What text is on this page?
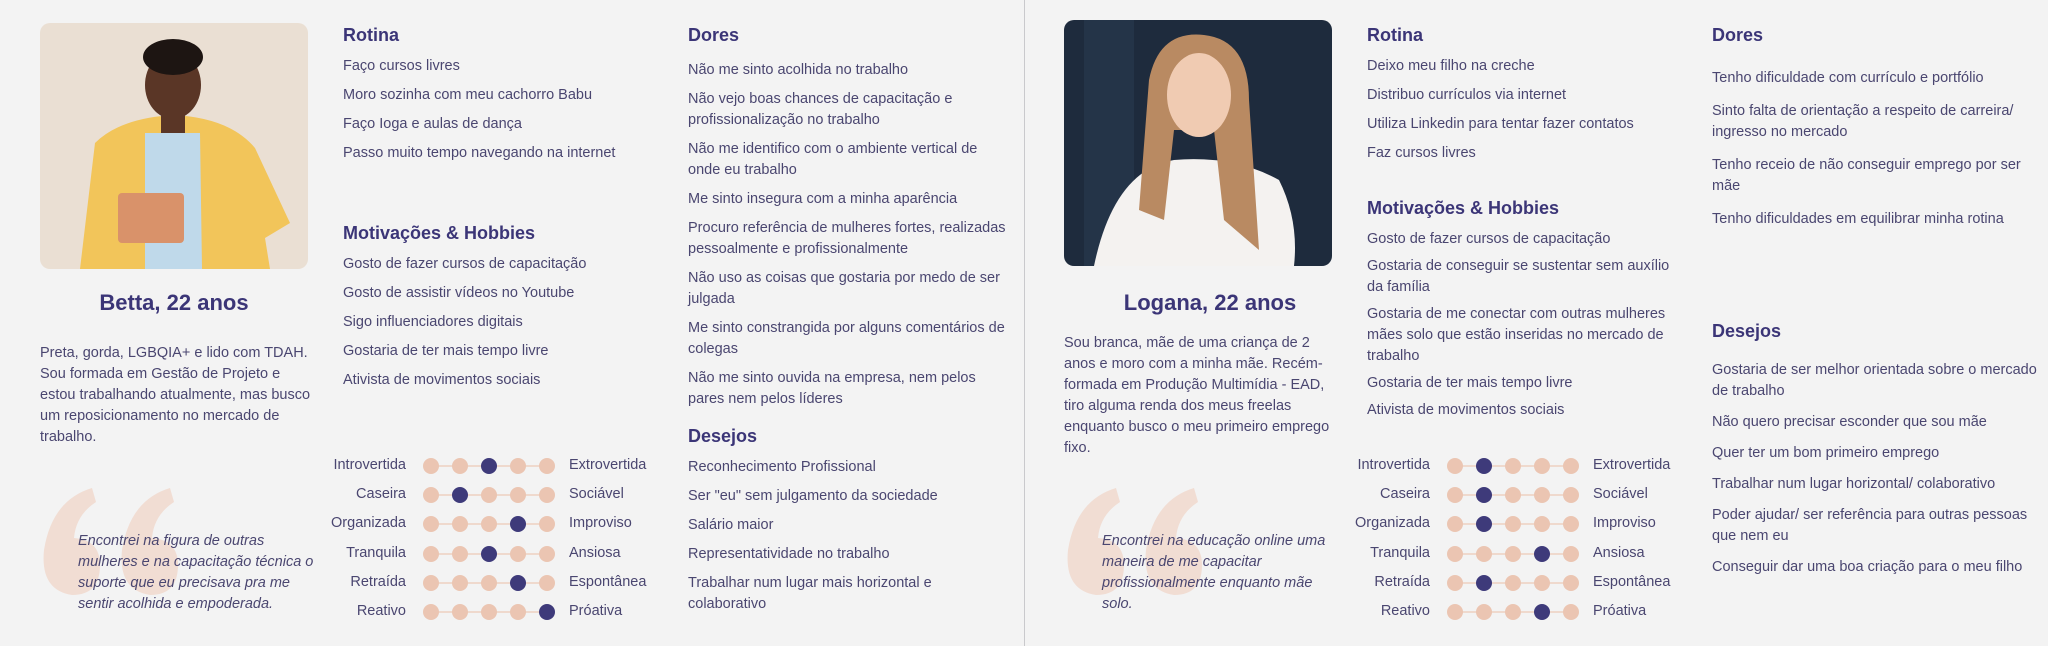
Betta, 22 anos
Preta, gorda, LGBQIA+ e lido com TDAH. Sou formada em Gestão de Projeto e estou trabalhando atualmente, mas busco um reposicionamento no mercado de trabalho.
Encontrei na figura de outras mulheres e na capacitação técnica o suporte que eu precisava pra me sentir acolhida e empoderada.
Rotina
Faço cursos livres
Moro sozinha com meu cachorro Babu
Faço Ioga e aulas de dança
Passo muito tempo navegando na internet
Motivações & Hobbies
Gosto de fazer cursos de capacitação
Gosto de assistir vídeos no Youtube
Sigo influenciadores digitais
Gostaria de ter mais tempo livre
Ativista de movimentos sociais
Dores
Não me sinto acolhida no trabalho
Não vejo boas chances de capacitação e profissionalização no trabalho
Não me identifico com o ambiente vertical de onde eu trabalho
Me sinto insegura com a minha aparência
Procuro referência de mulheres fortes, realizadas pessoalmente e profissionalmente
Não uso as coisas que gostaria por medo de ser julgada
Me sinto constrangida por alguns comentários de colegas
Não me sinto ouvida na empresa, nem pelos pares nem pelos líderes
Desejos
Reconhecimento Profissional
Ser "eu" sem julgamento da sociedade
Salário maior
Representatividade no trabalho
Trabalhar num lugar mais horizontal e colaborativo
Introvertida	Extrovertida
Caseira	Sociável
Organizada	Improviso
Tranquila	Ansiosa
Retraída	Espontânea
Reativo	Próativa
Logana, 22 anos
Sou branca, mãe de uma criança de 2 anos e moro com a minha mãe. Recém-formada em Produção Multimídia - EAD, tiro alguma renda dos meus freelas enquanto busco o meu primeiro emprego fixo.
Encontrei na educação online uma maneira de me capacitar profissionalmente enquanto mãe solo.
Rotina
Deixo meu filho na creche
Distribuo currículos via internet
Utiliza Linkedin para tentar fazer contatos
Faz cursos livres
Motivações & Hobbies
Gosto de fazer cursos de capacitação
Gostaria de conseguir se sustentar sem auxílio da família
Gostaria de me conectar com outras mulheres mães solo que estão inseridas no mercado de trabalho
Gostaria de ter mais tempo livre
Ativista de movimentos sociais
Dores
Tenho dificuldade com currículo e portfólio
Sinto falta de orientação a respeito de carreira/ ingresso no mercado
Tenho receio de não conseguir emprego por ser mãe
Tenho dificuldades em equilibrar minha rotina
Desejos
Gostaria de ser melhor orientada sobre o mercado de trabalho
Não quero precisar esconder que sou mãe
Quer ter um bom primeiro emprego
Trabalhar num lugar horizontal/ colaborativo
Poder ajudar/ ser referência para outras pessoas que nem eu
Conseguir dar uma boa criação para o meu filho
Introvertida	Extrovertida
Caseira	Sociável
Organizada	Improviso
Tranquila	Ansiosa
Retraída	Espontânea
Reativo	Próativa
